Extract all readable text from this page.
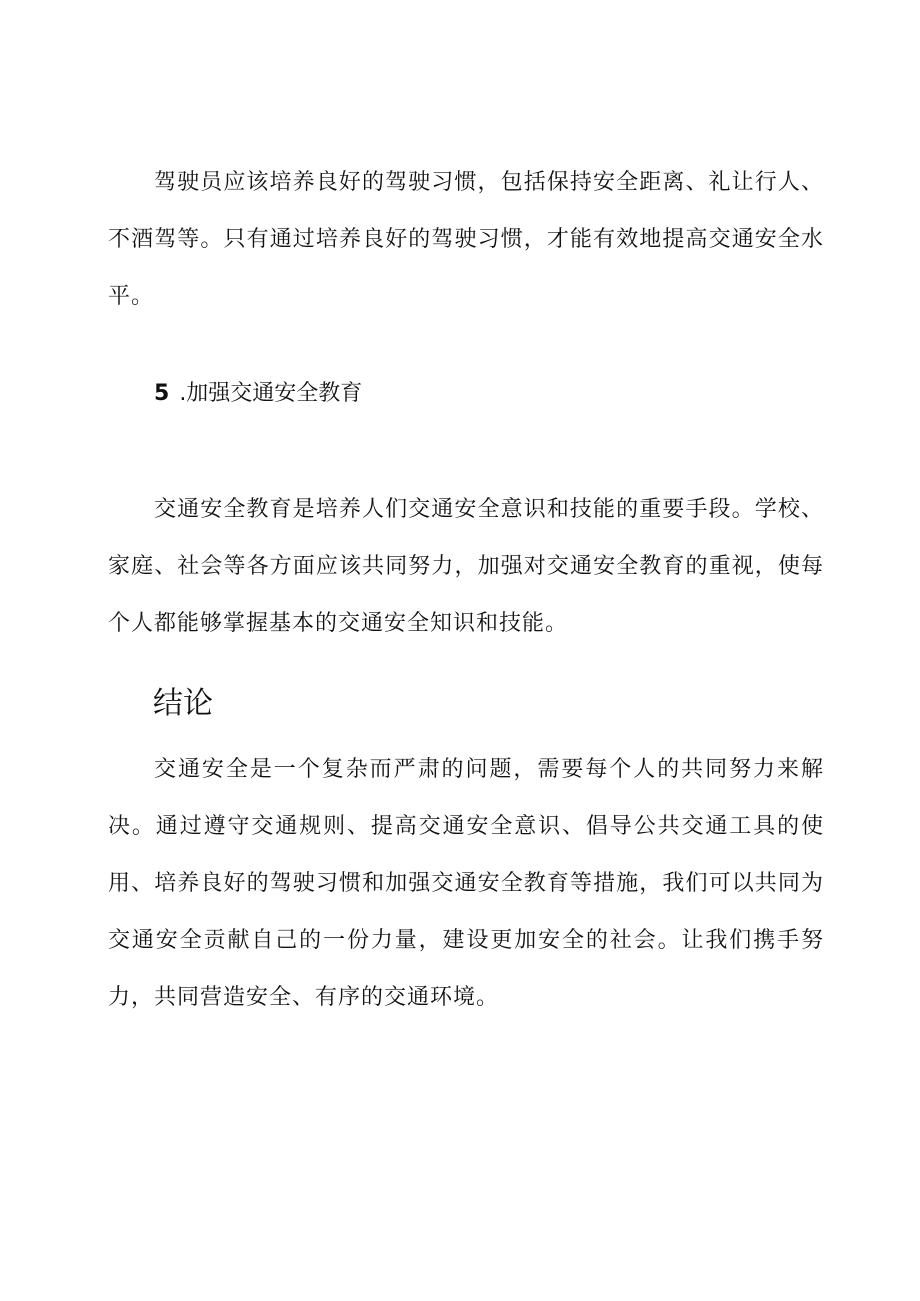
驾驶员应该培养良好的驾驶习惯，包括保持安全距离、礼让行人、不酒驾等。只有通过培养良好的驾驶习惯，才能有效地提高交通安全水平。

5 .加强交通安全教育

交通安全教育是培养人们交通安全意识和技能的重要手段。学校、家庭、社会等各方面应该共同努力，加强对交通安全教育的重视，使每个人都能够掌握基本的交通安全知识和技能。

结论

交通安全是一个复杂而严肃的问题，需要每个人的共同努力来解决。通过遵守交通规则、提高交通安全意识、倡导公共交通工具的使用、培养良好的驾驶习惯和加强交通安全教育等措施，我们可以共同为交通安全贡献自己的一份力量，建设更加安全的社会。让我们携手努力，共同营造安全、有序的交通环境。
